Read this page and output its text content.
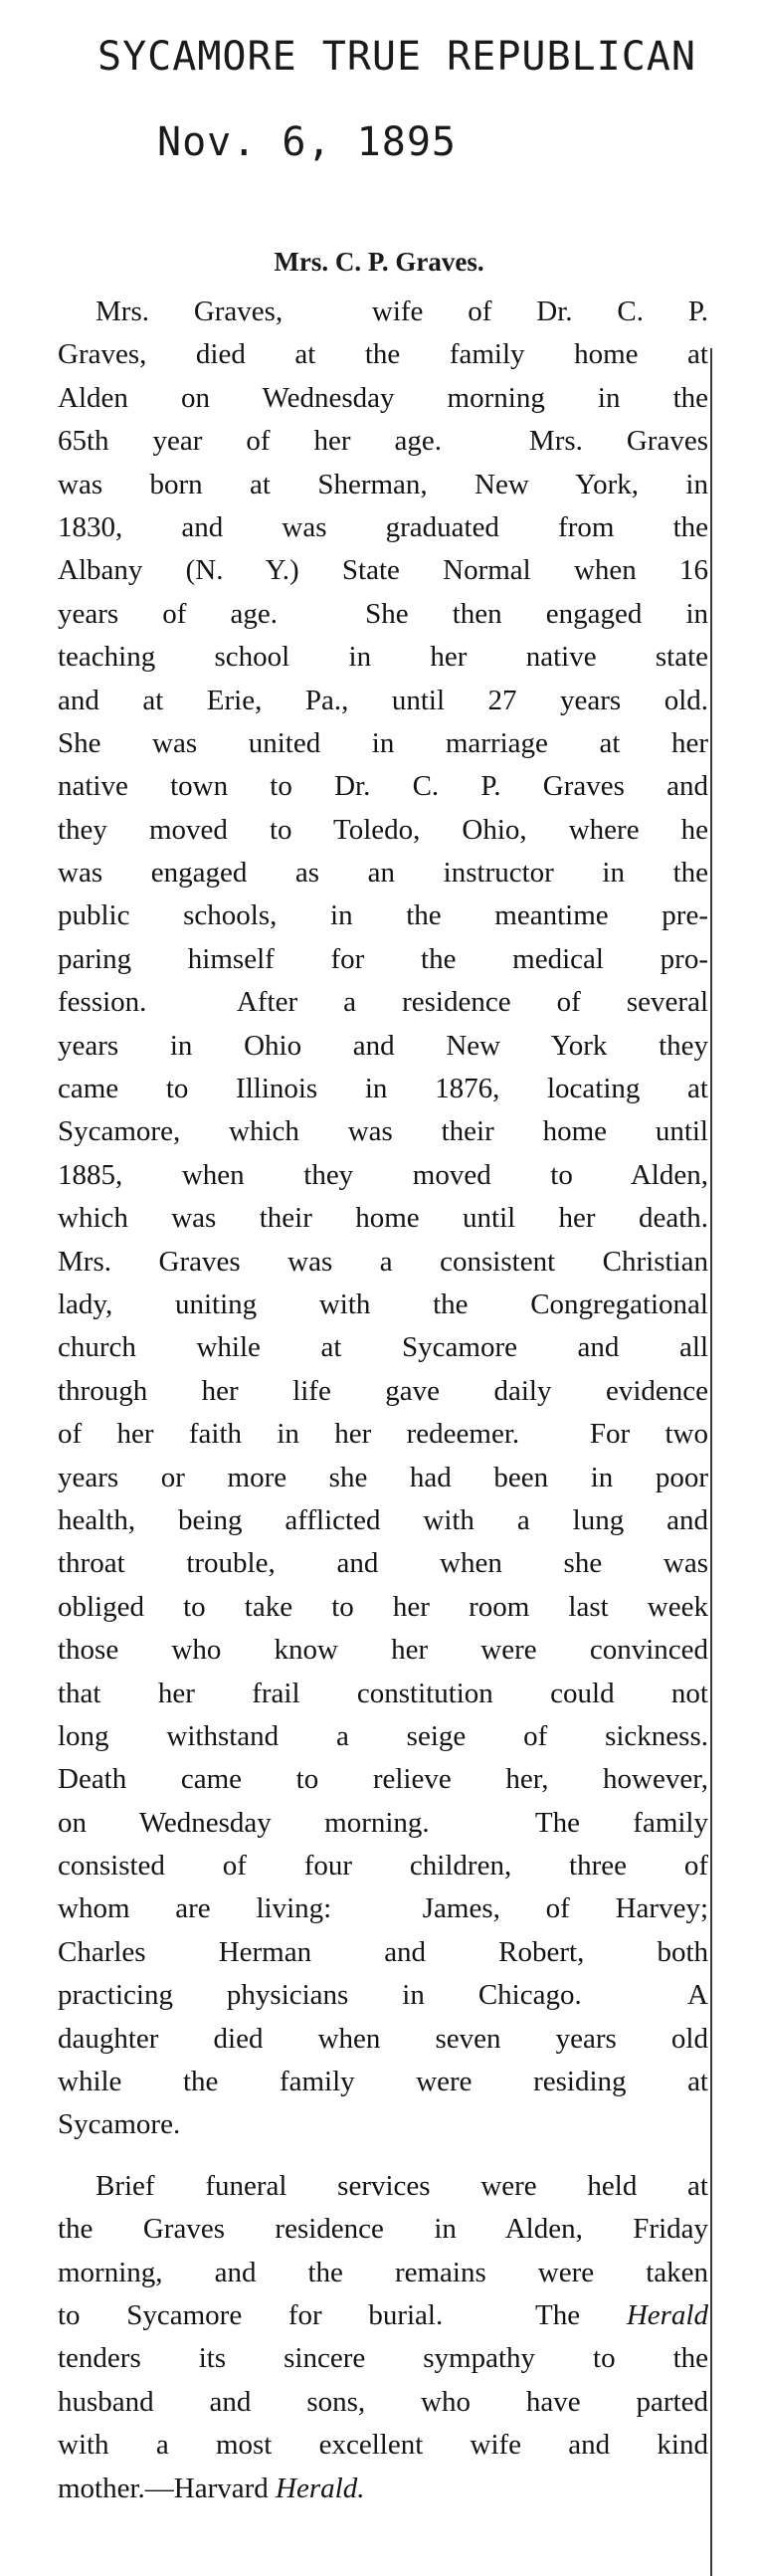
SYCAMORE TRUE REPUBLICAN
Nov. 6, 1895
Mrs. C. P. Graves.
Mrs. Graves,  wife of Dr. C. P.
Graves, died at the family home at
Alden on Wednesday morning in the
65th year of her age.  Mrs. Graves
was born at Sherman, New York, in
1830, and was graduated from the
Albany (N. Y.) State Normal when 16
years of age.  She then engaged in
teaching school in her native state
and at Erie, Pa., until 27 years old.
She was united in marriage at her
native town to Dr. C. P. Graves and
they moved to Toledo, Ohio, where he
was engaged as an instructor in the
public schools, in the meantime pre-
paring himself for the medical pro-
fession.  After a residence of several
years in Ohio and New York they
came to Illinois in 1876, locating at
Sycamore, which was their home until
1885, when they moved to Alden,
which was their home until her death.
Mrs. Graves was a consistent Christian
lady, uniting with the Congregational
church while at Sycamore and all
through her life gave daily evidence
of her faith in her redeemer.  For two
years or more she had been in poor
health, being afflicted with a lung and
throat trouble, and when she was
obliged to take to her room last week
those who know her were convinced
that her frail constitution could not
long withstand a seige of sickness.
Death came to relieve her, however,
on Wednesday morning.  The family
consisted of four children, three of
whom are living:  James, of Harvey;
Charles Herman and Robert, both
practicing physicians in Chicago.  A
daughter died when seven years old
while the family were residing at
Sycamore.
Brief funeral services were held at
the Graves residence in Alden, Friday
morning, and the remains were taken
to Sycamore for burial.  The Herald
tenders its sincere sympathy to the
husband and sons, who have parted
with a most excellent wife and kind
mother.—Harvard Herald.
